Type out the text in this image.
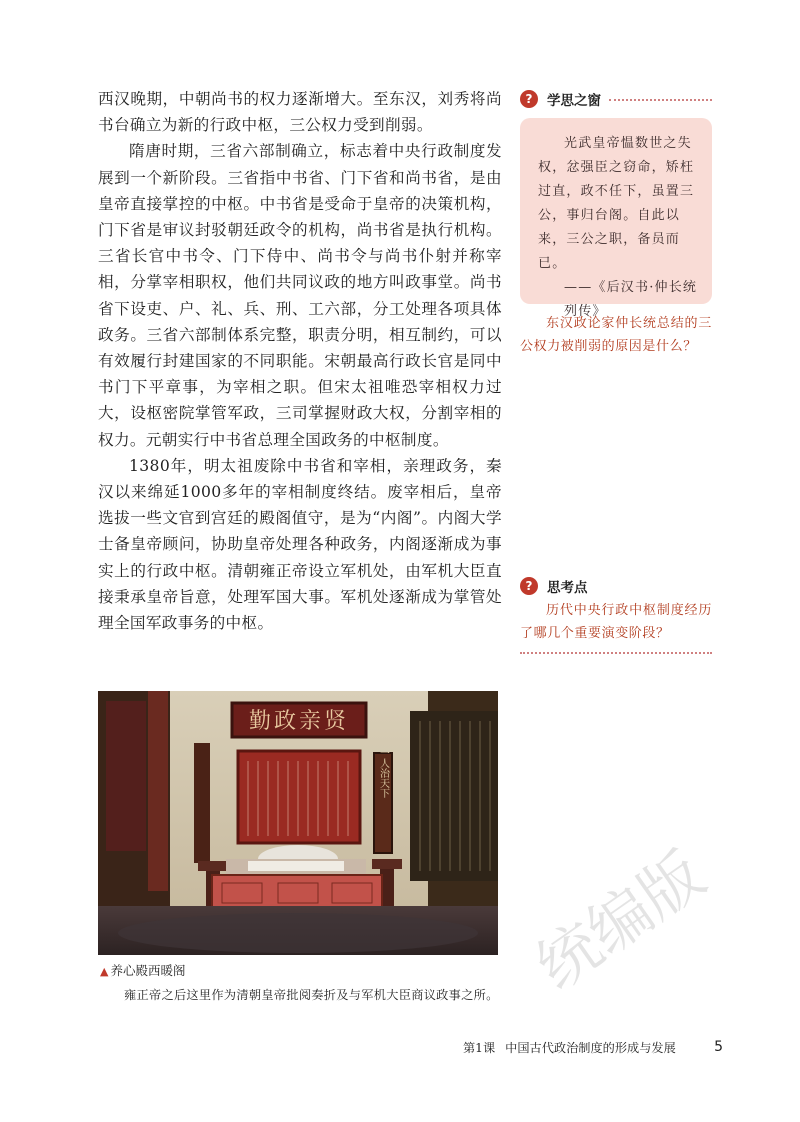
西汉晚期，中朝尚书的权力逐渐增大。至东汉，刘秀将尚书台确立为新的行政中枢，三公权力受到削弱。

隋唐时期，三省六部制确立，标志着中央行政制度发展到一个新阶段。三省指中书省、门下省和尚书省，是由皇帝直接掌控的中枢。中书省是受命于皇帝的决策机构，门下省是审议封驳朝廷政令的机构，尚书省是执行机构。三省长官中书令、门下侍中、尚书令与尚书仆射并称宰相，分掌宰相职权，他们共同议政的地方叫政事堂。尚书省下设吏、户、礼、兵、刑、工六部，分工处理各项具体政务。三省六部制体系完整，职责分明，相互制约，可以有效履行封建国家的不同职能。宋朝最高行政长官是同中书门下平章事，为宰相之职。但宋太祖唯恐宰相权力过大，设枢密院掌管军政，三司掌握财政大权，分割宰相的权力。元朝实行中书省总理全国政务的中枢制度。

1380年，明太祖废除中书省和宰相，亲理政务，秦汉以来绵延1000多年的宰相制度终结。废宰相后，皇帝选拔一些文官到宫廷的殿阁值守，是为“内阁”。内阁大学士备皇帝顾问，协助皇帝处理各种政务，内阁逐渐成为事实上的行政中枢。清朝雍正帝设立军机处，由军机大臣直接秉承皇帝旨意，处理军国大事。军机处逐渐成为掌管处理全国军政事务的中枢。

?	学思之窗
光武皇帝愠数世之失权，忿强臣之窃命，矫枉过直，政不任下，虽置三公，事归台阁。自此以来，三公之职，备员而已。
——《后汉书·仲长统列传》
东汉政论家仲长统总结的三公权力被削弱的原因是什么？
?	思考点
历代中央行政中枢制度经历了哪几个重要演变阶段？
勤政亲贤
一人治天下
▲ 养心殿西暖阁
雍正帝之后这里作为清朝皇帝批阅奏折及与军机大臣商议政事之所。 统编版
第1课 中国古代政治制度的形成与发展	5
